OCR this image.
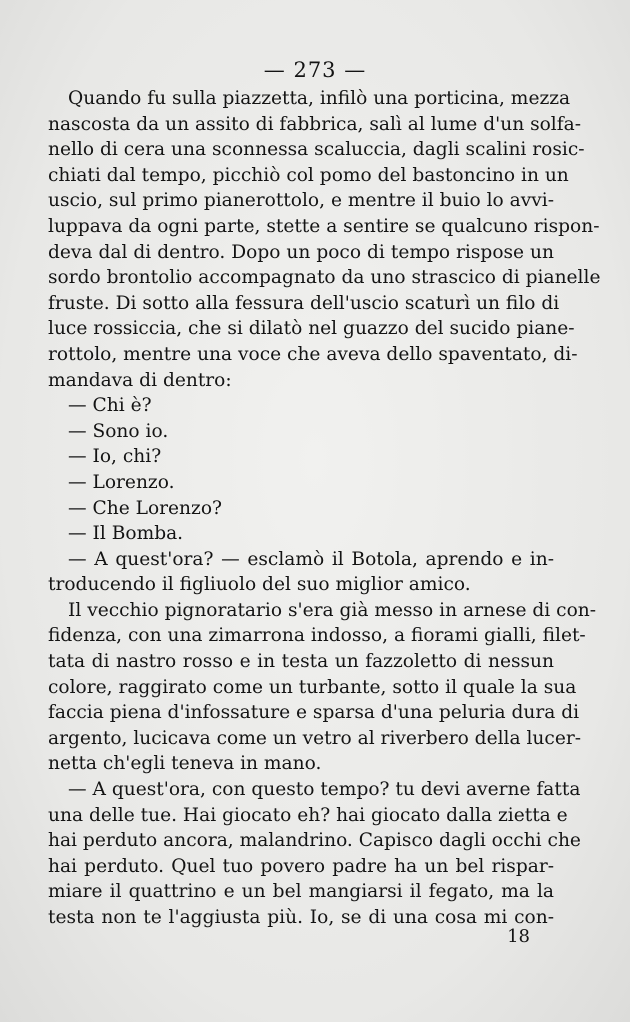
— 273 —
Quando fu sulla piazzetta, infilò una porticina, mezza
nascosta da un assito di fabbrica, salì al lume d'un solfa-
nello di cera una sconnessa scaluccia, dagli scalini rosic-
chiati dal tempo, picchiò col pomo del bastoncino in un
uscio, sul primo pianerottolo, e mentre il buio lo avvi-
luppava da ogni parte, stette a sentire se qualcuno rispon-
deva dal di dentro. Dopo un poco di tempo rispose un
sordo brontolio accompagnato da uno strascico di pianelle
fruste. Di sotto alla fessura dell'uscio scaturì un filo di
luce rossiccia, che si dilatò nel guazzo del sucido piane-
rottolo, mentre una voce che aveva dello spaventato, di-
mandava di dentro:
— Chi è?
— Sono io.
— Io, chi?
— Lorenzo.
— Che Lorenzo?
— Il Bomba.
— A quest'ora? — esclamò il Botola, aprendo e in-
troducendo il figliuolo del suo miglior amico.
Il vecchio pignoratario s'era già messo in arnese di con-
fidenza, con una zimarrona indosso, a fiorami gialli, filet-
tata di nastro rosso e in testa un fazzoletto di nessun
colore, raggirato come un turbante, sotto il quale la sua
faccia piena d'infossature e sparsa d'una peluria dura di
argento, lucicava come un vetro al riverbero della lucer-
netta ch'egli teneva in mano.
— A quest'ora, con questo tempo? tu devi averne fatta
una delle tue. Hai giocato eh? hai giocato dalla zietta e
hai perduto ancora, malandrino. Capisco dagli occhi che
hai perduto. Quel tuo povero padre ha un bel rispar-
miare il quattrino e un bel mangiarsi il fegato, ma la
testa non te l'aggiusta più. Io, se di una cosa mi con-
18
